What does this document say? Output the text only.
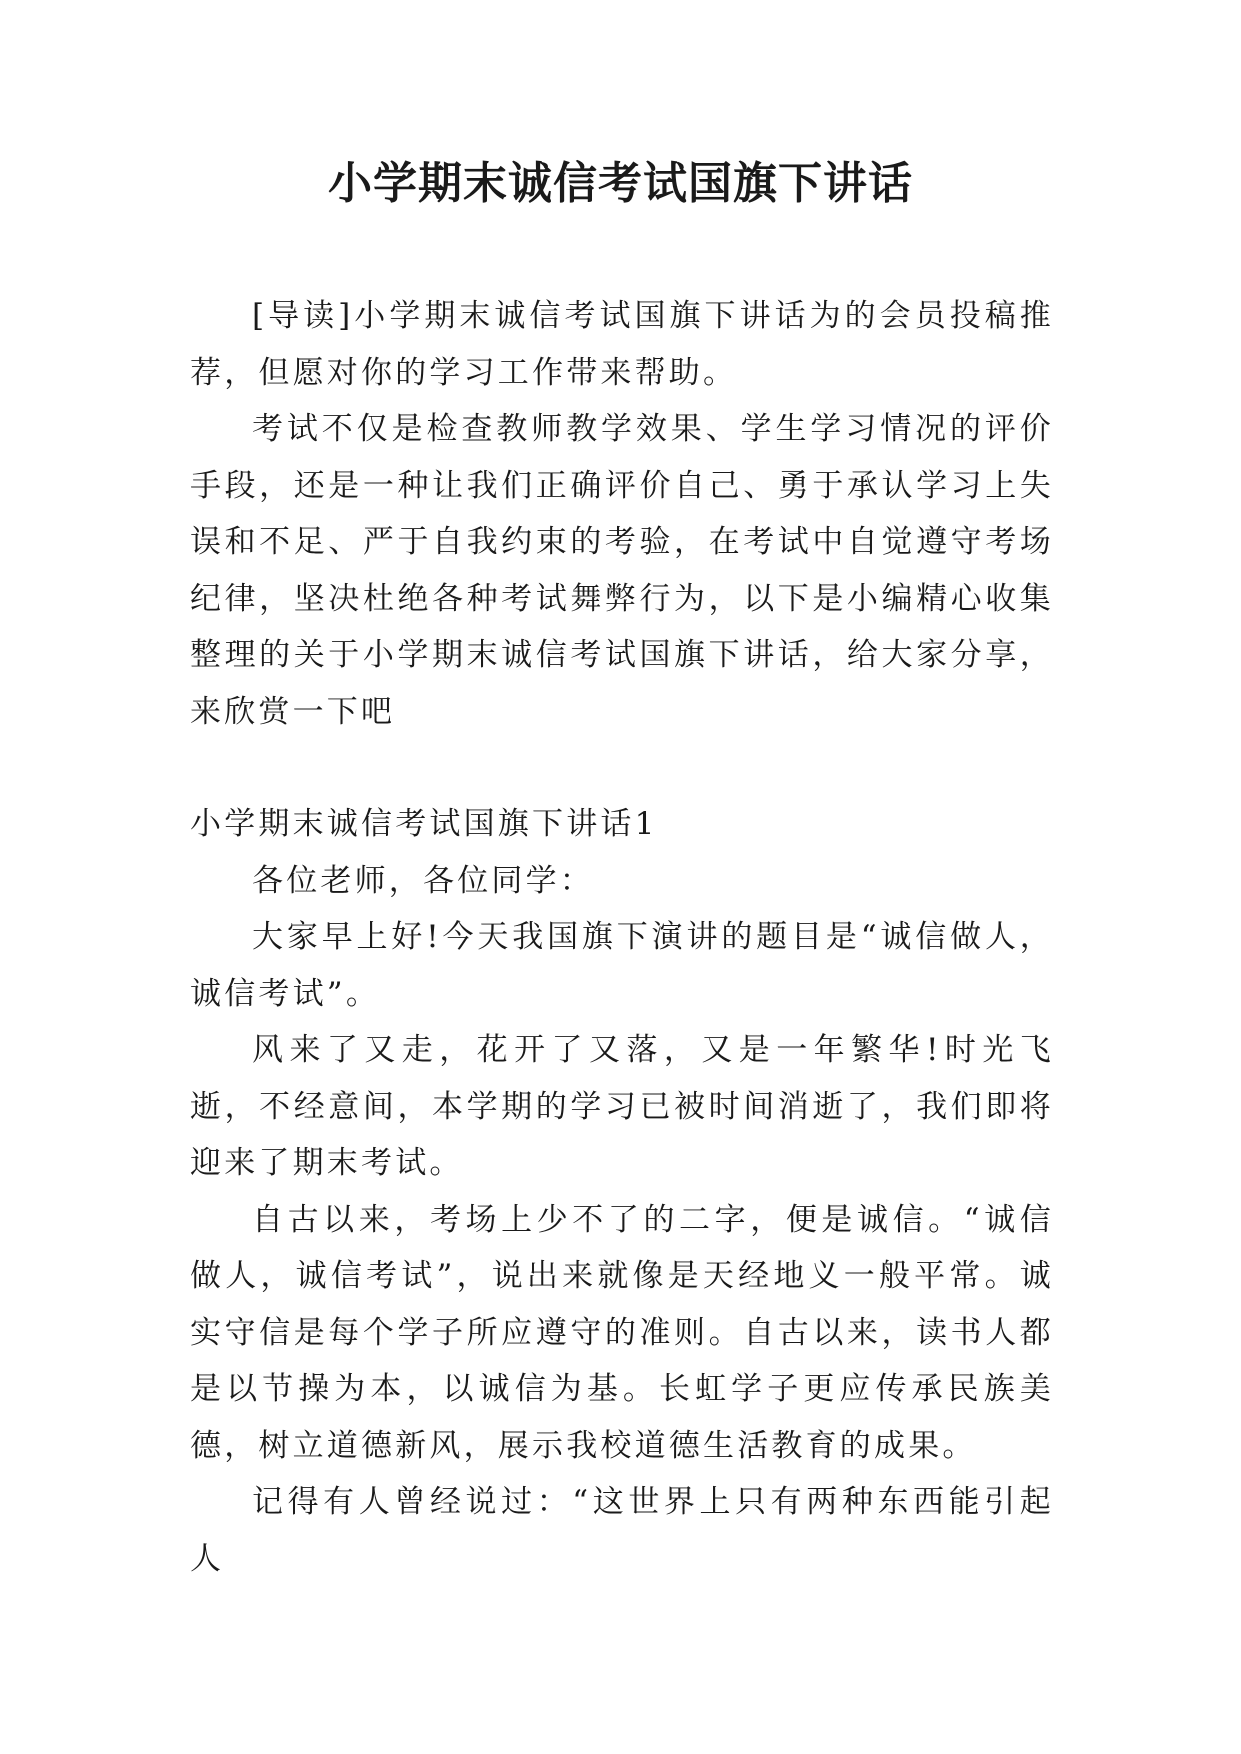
小学期末诚信考试国旗下讲话

[导读]小学期末诚信考试国旗下讲话为的会员投稿推荐，但愿对你的学习工作带来帮助。

考试不仅是检查教师教学效果、学生学习情况的评价手段，还是一种让我们正确评价自己、勇于承认学习上失误和不足、严于自我约束的考验，在考试中自觉遵守考场纪律，坚决杜绝各种考试舞弊行为，以下是小编精心收集整理的关于小学期末诚信考试国旗下讲话，给大家分享，来欣赏一下吧

小学期末诚信考试国旗下讲话1

各位老师，各位同学：

大家早上好!今天我国旗下演讲的题目是“诚信做人，诚信考试”。

风来了又走，花开了又落，又是一年繁华!时光飞逝，不经意间，本学期的学习已被时间消逝了，我们即将迎来了期末考试。

自古以来，考场上少不了的二字，便是诚信。“诚信做人，诚信考试”，说出来就像是天经地义一般平常。诚实守信是每个学子所应遵守的准则。自古以来，读书人都是以节操为本，以诚信为基。长虹学子更应传承民族美德，树立道德新风，展示我校道德生活教育的成果。

记得有人曾经说过：“这世界上只有两种东西能引起人
